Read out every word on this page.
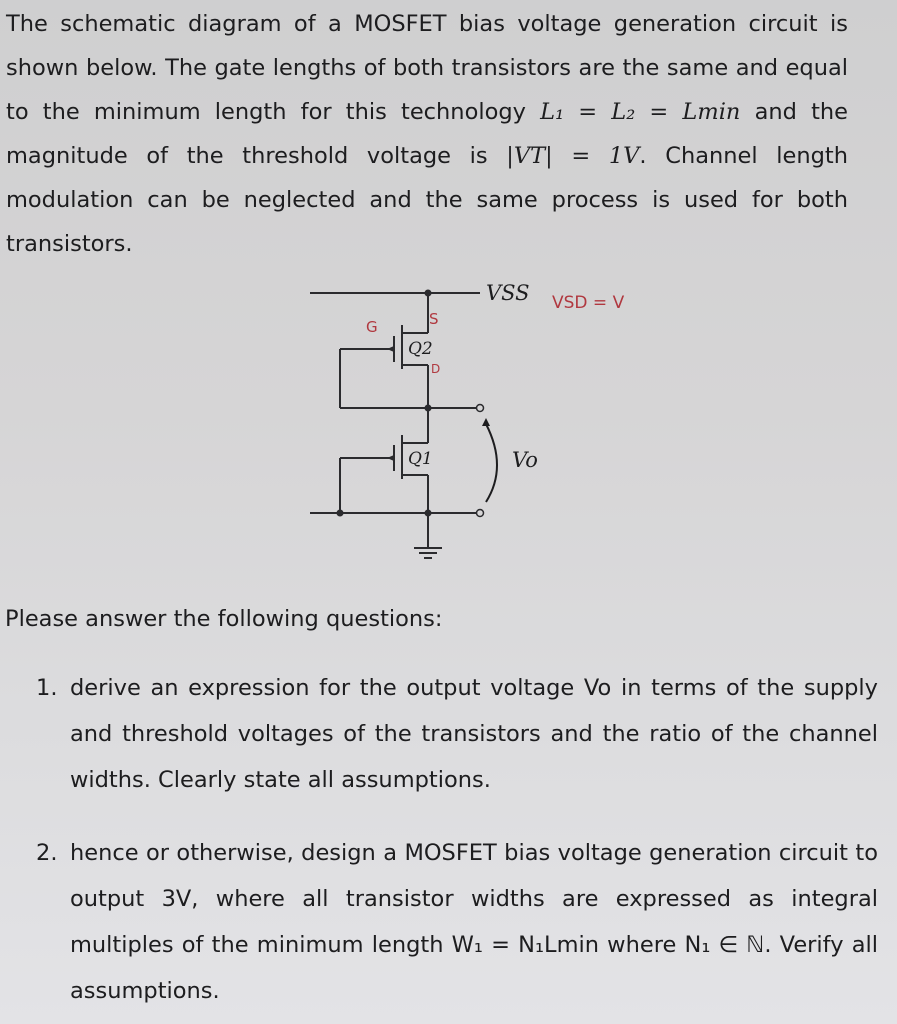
The schematic diagram of a MOSFET bias voltage generation circuit is shown below. The gate lengths of both transistors are the same and equal to the minimum length for this technology L₁ = L₂ = Lmin and the magnitude of the threshold voltage is |VT| = 1V. Channel length modulation can be neglected and the same process is used for both transistors.

VSS
Q2
Q1	Vo
G	S
D
VSD = V

Please answer the following questions:

1. derive an expression for the output voltage Vo in terms of the supply and threshold voltages of the transistors and the ratio of the channel widths. Clearly state all assumptions.
2. hence or otherwise, design a MOSFET bias voltage generation circuit to output 3V, where all transistor widths are expressed as integral multiples of the minimum length W₁ = N₁Lmin where N₁ ∈ ℕ. Verify all assumptions.
